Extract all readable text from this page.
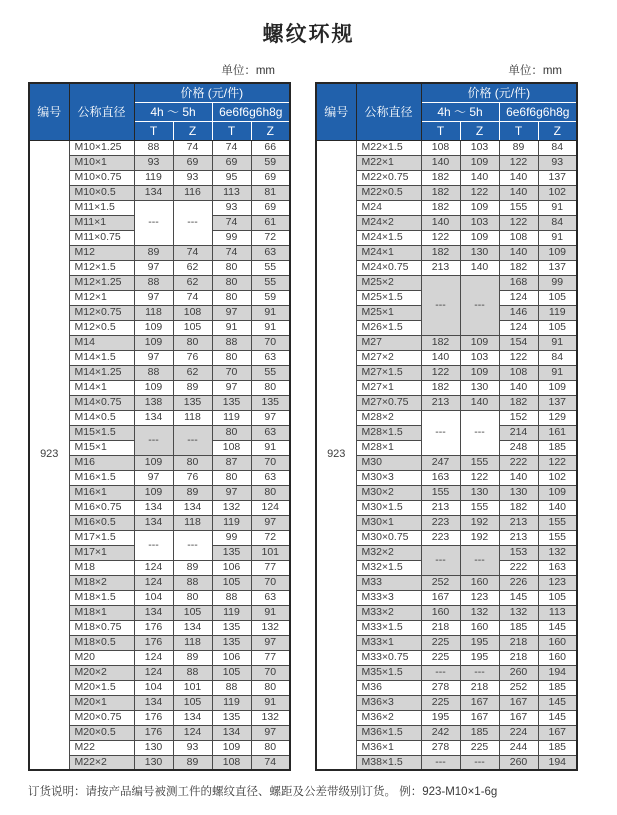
螺纹环规
单位：mm
编号	公称直径	价格 (元/件)			
		4h ～ 5h		6e6f6g6h8g	
		T	Z	T	Z
923	M10×1.25	88	74	74	66
	M10×1	93	69	69	59
	M10×0.75	119	93	95	69
	M10×0.5	134	116	113	81
	M11×1.5	---	---	93	69
	M11×1			74	61
	M11×0.75			99	72
	M12	89	74	74	63
	M12×1.5	97	62	80	55
	M12×1.25	88	62	80	55
	M12×1	97	74	80	59
	M12×0.75	118	108	97	91
	M12×0.5	109	105	91	91
	M14	109	80	88	70
	M14×1.5	97	76	80	63
	M14×1.25	88	62	70	55
	M14×1	109	89	97	80
	M14×0.75	138	135	135	135
	M14×0.5	134	118	119	97
	M15×1.5	---	---	80	63
	M15×1			108	91
	M16	109	80	87	70
	M16×1.5	97	76	80	63
	M16×1	109	89	97	80
	M16×0.75	134	134	132	124
	M16×0.5	134	118	119	97
	M17×1.5	---	---	99	72
	M17×1			135	101
	M18	124	89	106	77
	M18×2	124	88	105	70
	M18×1.5	104	80	88	63
	M18×1	134	105	119	91
	M18×0.75	176	134	135	132
	M18×0.5	176	118	135	97
	M20	124	89	106	77
	M20×2	124	88	105	70
	M20×1.5	104	101	88	80
	M20×1	134	105	119	91
	M20×0.75	176	134	135	132
	M20×0.5	176	124	134	97
	M22	130	93	109	80
	M22×2	130	89	108	74
单位：mm
编号	公称直径	价格 (元/件)			
		4h ～ 5h		6e6f6g6h8g	
		T	Z	T	Z
923	M22×1.5	108	103	89	84
	M22×1	140	109	122	93
	M22×0.75	182	140	140	137
	M22×0.5	182	122	140	102
	M24	182	109	155	91
	M24×2	140	103	122	84
	M24×1.5	122	109	108	91
	M24×1	182	130	140	109
	M24×0.75	213	140	182	137
	M25×2	---	---	168	99
	M25×1.5			124	105
	M25×1			146	119
	M26×1.5			124	105
	M27	182	109	154	91
	M27×2	140	103	122	84
	M27×1.5	122	109	108	91
	M27×1	182	130	140	109
	M27×0.75	213	140	182	137
	M28×2	---	---	152	129
	M28×1.5			214	161
	M28×1			248	185
	M30	247	155	222	122
	M30×3	163	122	140	102
	M30×2	155	130	130	109
	M30×1.5	213	155	182	140
	M30×1	223	192	213	155
	M30×0.75	223	192	213	155
	M32×2	---	---	153	132
	M32×1.5			222	163
	M33	252	160	226	123
	M33×3	167	123	145	105
	M33×2	160	132	132	113
	M33×1.5	218	160	185	145
	M33×1	225	195	218	160
	M33×0.75	225	195	218	160
	M35×1.5	---	---	260	194
	M36	278	218	252	185
	M36×3	225	167	167	145
	M36×2	195	167	167	145
	M36×1.5	242	185	224	167
	M36×1	278	225	244	185
	M38×1.5	---	---	260	194
订货说明：请按产品编号被测工件的螺纹直径、螺距及公差带级别订货。 例：923-M10×1-6g
